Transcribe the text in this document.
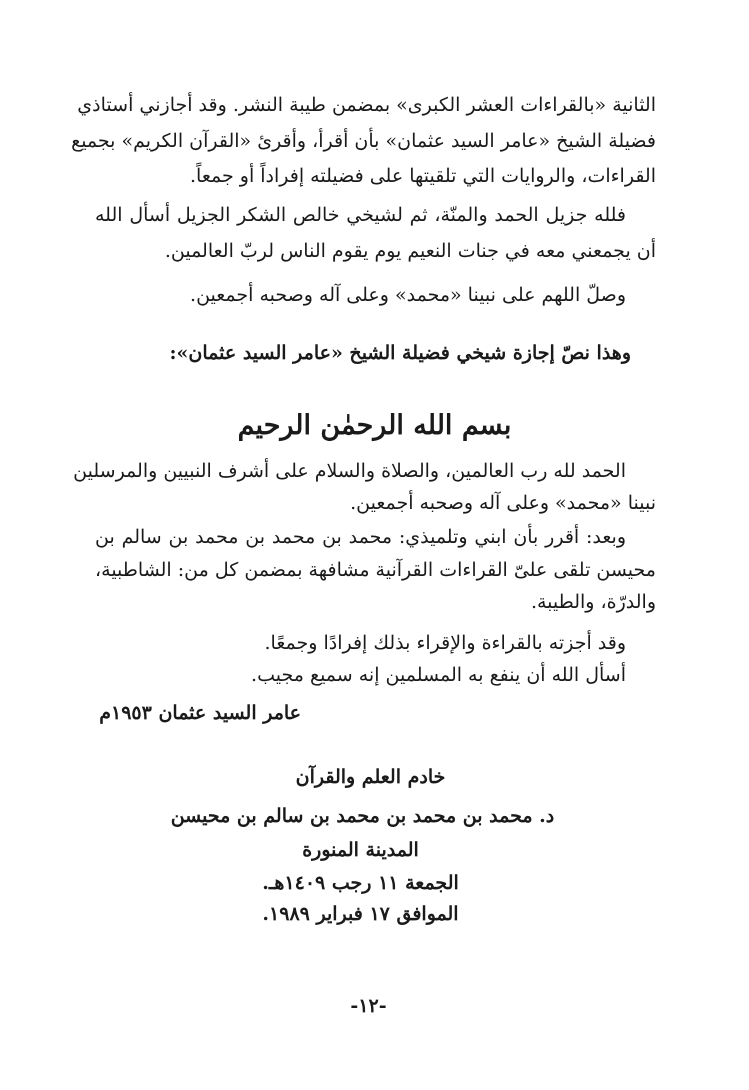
الثانية «بالقراءات العشر الكبرى» بمضمن طيبة النشر. وقد أجازني أستاذي
فضيلة الشيخ «عامر السيد عثمان» بأن أقرأ، وأقرئ «القرآن الكريم» بجميع
القراءات، والروايات التي تلقيتها على فضيلته إفراداً أو جمعاً.
فلله جزيل الحمد والمنّة، ثم لشيخي خالص الشكر الجزيل أسأل الله
أن يجمعني معه في جنات النعيم يوم يقوم الناس لربّ العالمين.
وصلّ اللهم على نبينا «محمد» وعلى آله وصحبه أجمعين.
وهذا نصّ إجازة شيخي فضيلة الشيخ «عامر السيد عثمان»:
بسم الله الرحمٰن الرحيم
الحمد لله رب العالمين، والصلاة والسلام على أشرف النبيين والمرسلين
نبينا «محمد» وعلى آله وصحبه أجمعين.
وبعد: أقرر بأن ابني وتلميذي: محمد بن محمد بن محمد بن سالم بن
محيسن تلقى علىّ القراءات القرآنية مشافهة بمضمن كل من: الشاطبية،
والدرّة، والطيبة.
وقد أجزته بالقراءة والإقراء بذلك إفرادًا وجمعًا.
أسأل الله أن ينفع به المسلمين إنه سميع مجيب.
عامر السيد عثمان ١٩٥٣م
خادم العلم والقرآن
د. محمد بن محمد بن محمد بن سالم بن محيسن
المدينة المنورة
الجمعة ١١ رجب ١٤٠٩هـ.
الموافق ١٧ فبراير ١٩٨٩.
-١٢-
